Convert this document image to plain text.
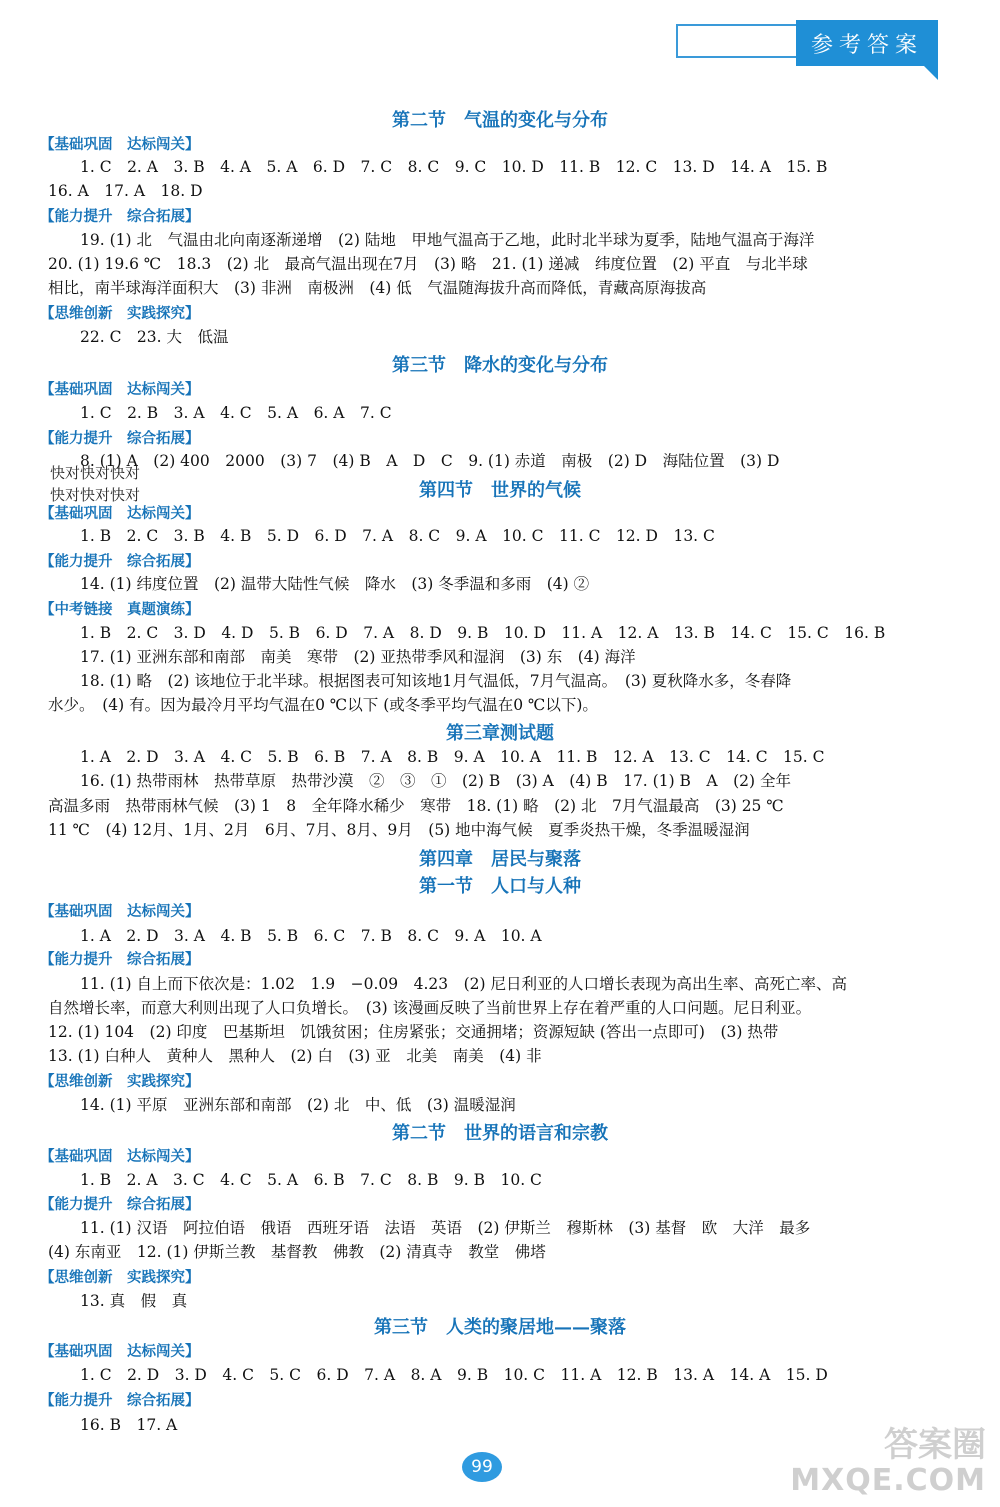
参考答案
第二节　气温的变化与分布
【基础巩固　达标闯关】
1. C　2. A　3. B　4. A　5. A　6. D　7. C　8. C　9. C　10. D　11. B　12. C　13. D　14. A　15. B
16. A　17. A　18. D
【能力提升　综合拓展】
19. (1) 北　气温由北向南逐渐递增　(2) 陆地　甲地气温高于乙地，此时北半球为夏季，陆地气温高于海洋
20. (1) 19.6 ℃　18.3　(2) 北　最高气温出现在7月　(3) 略　21. (1) 递减　纬度位置　(2) 平直　与北半球
相比，南半球海洋面积大　(3) 非洲　南极洲　(4) 低　气温随海拔升高而降低，青藏高原海拔高
【思维创新　实践探究】
22. C　23. 大　低温
第三节　降水的变化与分布
【基础巩固　达标闯关】
1. C　2. B　3. A　4. C　5. A　6. A　7. C
【能力提升　综合拓展】
8. (1) A　(2) 400　2000　(3) 7　(4) B　A　D　C　9. (1) 赤道　南极　(2) D　海陆位置　(3) D
第四节　世界的气候
【基础巩固　达标闯关】
1. B　2. C　3. B　4. B　5. D　6. D　7. A　8. C　9. A　10. C　11. C　12. D　13. C
【能力提升　综合拓展】
14. (1) 纬度位置　(2) 温带大陆性气候　降水　(3) 冬季温和多雨　(4) ②
【中考链接　真题演练】
1. B　2. C　3. D　4. D　5. B　6. D　7. A　8. D　9. B　10. D　11. A　12. A　13. B　14. C　15. C　16. B
17. (1) 亚洲东部和南部　南美　寒带　(2) 亚热带季风和湿润　(3) 东　(4) 海洋
18. (1) 略　(2) 该地位于北半球。根据图表可知该地1月气温低，7月气温高。　(3) 夏秋降水多，冬春降
水少。　(4) 有。因为最冷月平均气温在0 ℃以下 (或冬季平均气温在0 ℃以下)。
第三章测试题
1. A　2. D　3. A　4. C　5. B　6. B　7. A　8. B　9. A　10. A　11. B　12. A　13. C　14. C　15. C
16. (1) 热带雨林　热带草原　热带沙漠　②　③　①　(2) B　(3) A　(4) B　17. (1) B　A　(2) 全年
高温多雨　热带雨林气候　(3) 1　8　全年降水稀少　寒带　18. (1) 略　(2) 北　7月气温最高　(3) 25 ℃
11 ℃　(4) 12月、1月、2月　6月、7月、8月、9月　(5) 地中海气候　夏季炎热干燥，冬季温暖湿润
第四章　居民与聚落
第一节　人口与人种
【基础巩固　达标闯关】
1. A　2. D　3. A　4. B　5. B　6. C　7. B　8. C　9. A　10. A
【能力提升　综合拓展】
11. (1) 自上而下依次是：1.02　1.9　−0.09　4.23　(2) 尼日利亚的人口增长表现为高出生率、高死亡率、高
自然增长率，而意大利则出现了人口负增长。　(3) 该漫画反映了当前世界上存在着严重的人口问题。尼日利亚。
12. (1) 104　(2) 印度　巴基斯坦　饥饿贫困；住房紧张；交通拥堵；资源短缺 (答出一点即可)　(3) 热带
13. (1) 白种人　黄种人　黑种人　(2) 白　(3) 亚　北美　南美　(4) 非
【思维创新　实践探究】
14. (1) 平原　亚洲东部和南部　(2) 北　中、低　(3) 温暖湿润
第二节　世界的语言和宗教
【基础巩固　达标闯关】
1. B　2. A　3. C　4. C　5. A　6. B　7. C　8. B　9. B　10. C
【能力提升　综合拓展】
11. (1) 汉语　阿拉伯语　俄语　西班牙语　法语　英语　(2) 伊斯兰　穆斯林　(3) 基督　欧　大洋　最多
(4) 东南亚　12. (1) 伊斯兰教　基督教　佛教　(2) 清真寺　教堂　佛塔
【思维创新　实践探究】
13. 真　假　真
第三节　人类的聚居地——聚落
【基础巩固　达标闯关】
1. C　2. D　3. D　4. C　5. C　6. D　7. A　8. A　9. B　10. C　11. A　12. B　13. A　14. A　15. D
【能力提升　综合拓展】
16. B　17. A
快对快对快对
快对快对快对
99
答案圈
MXQE.COM
